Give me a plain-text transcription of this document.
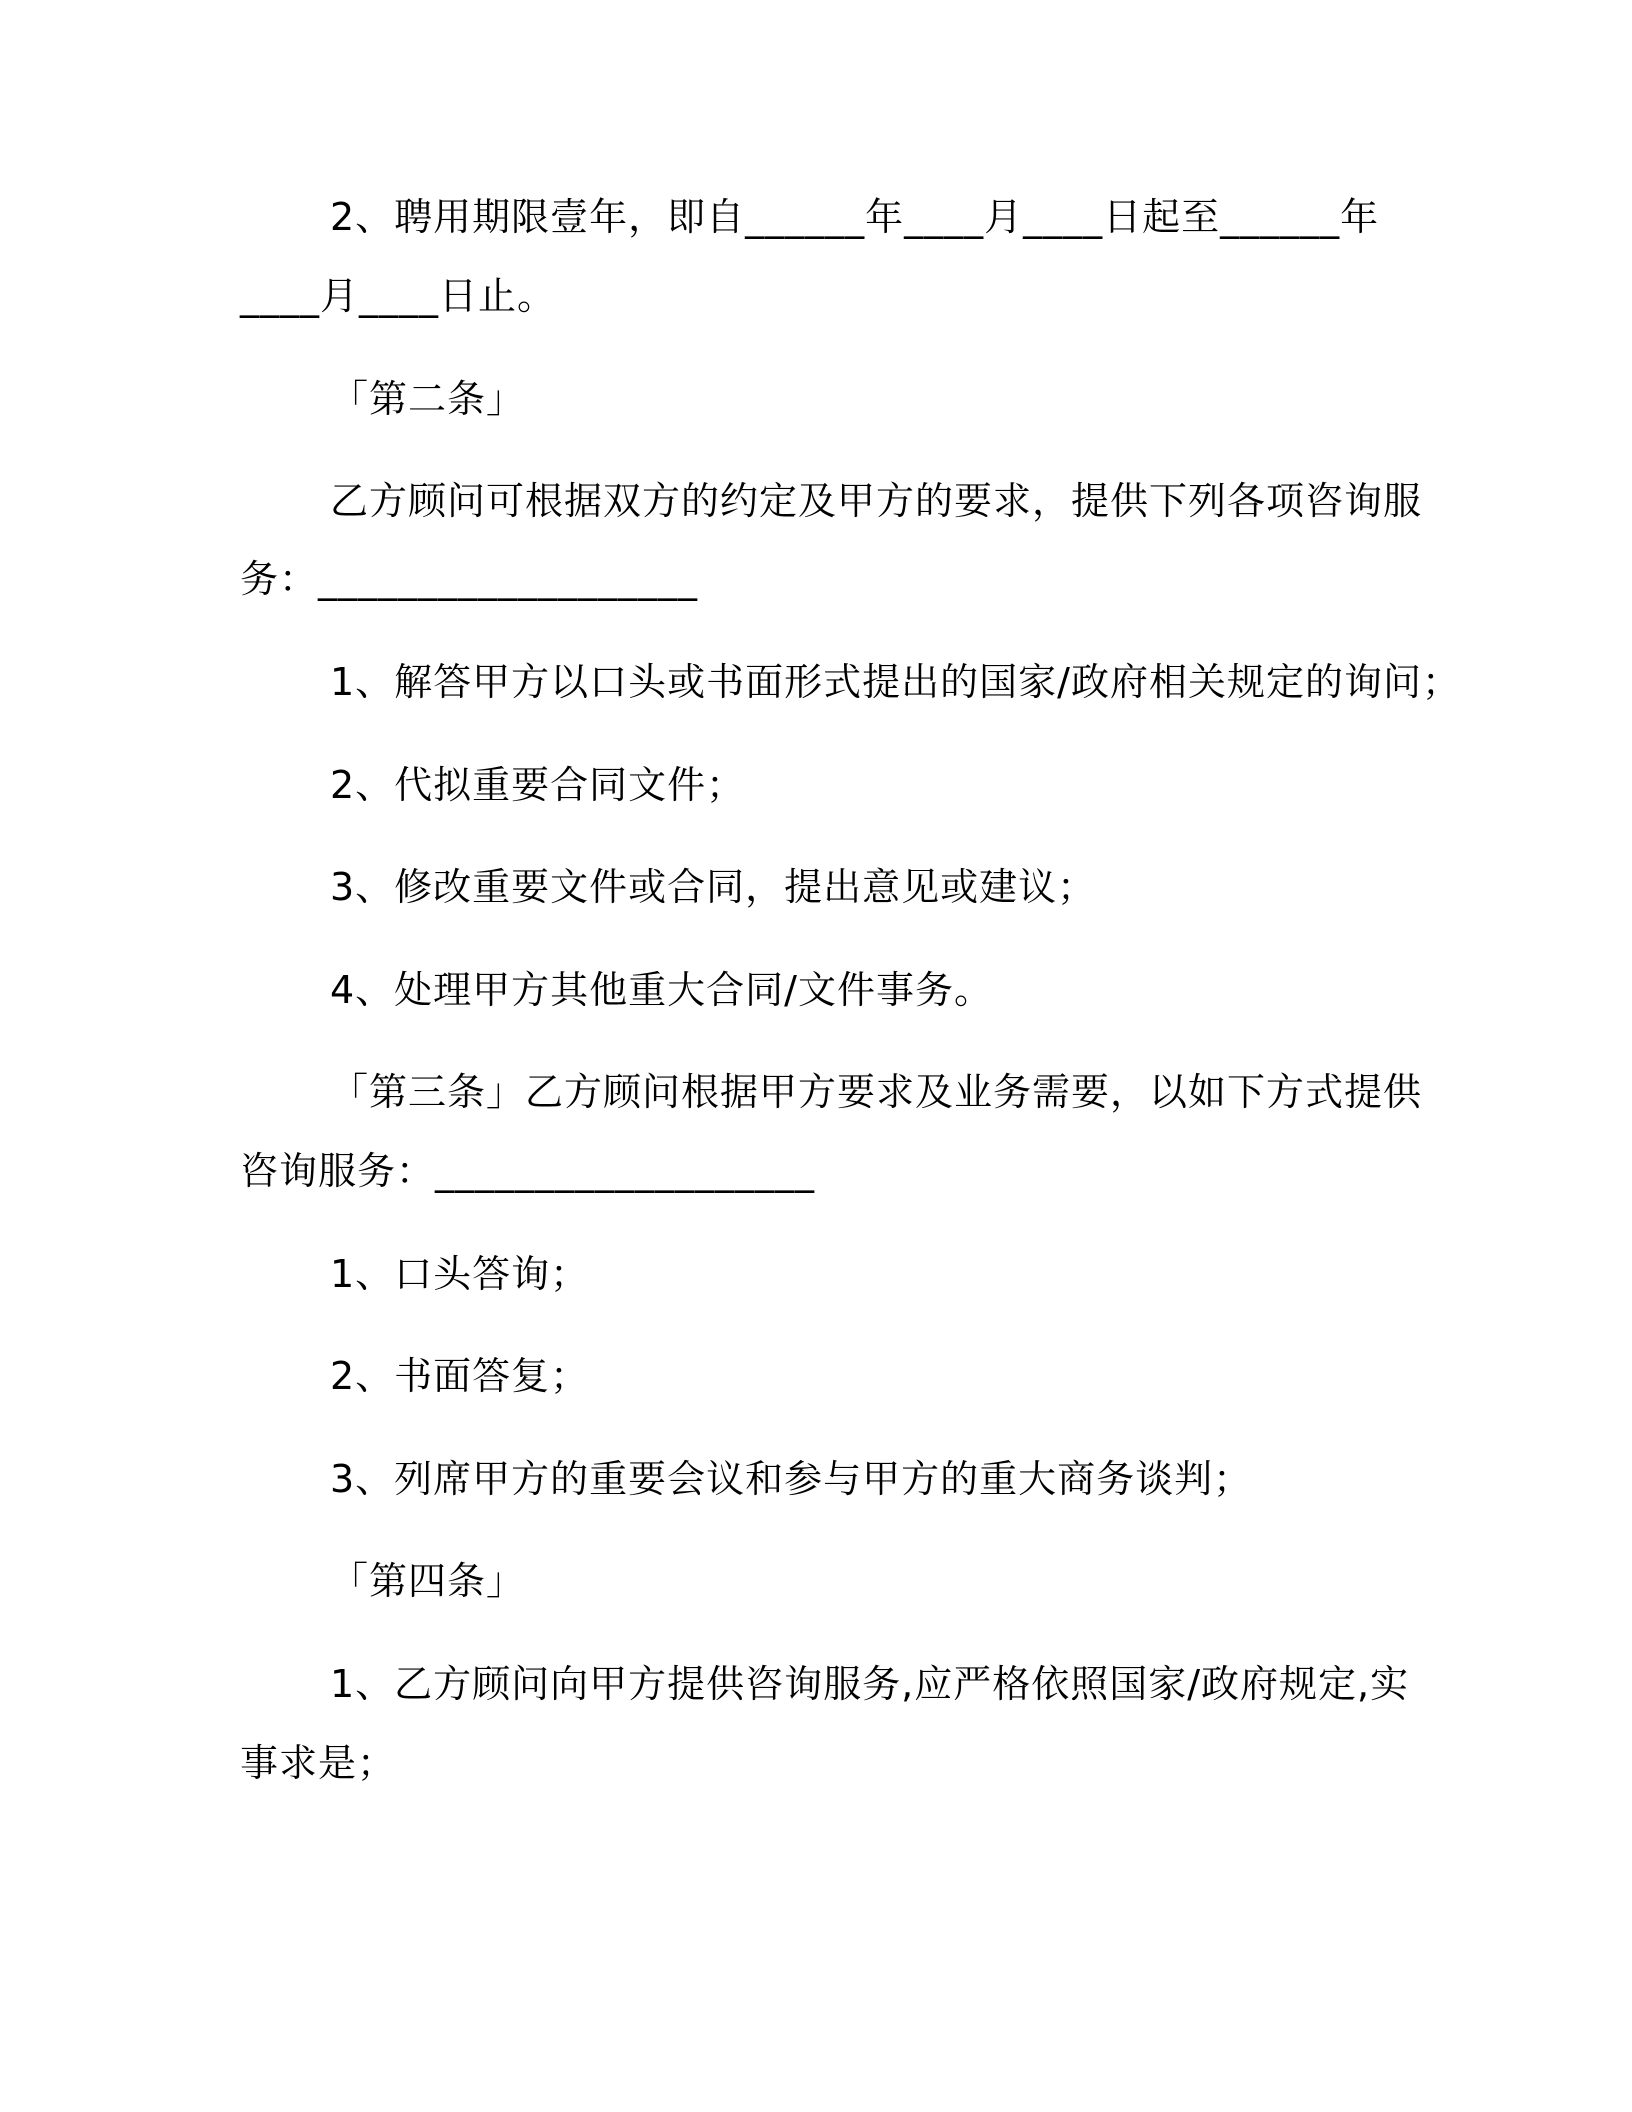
2、聘用期限壹年，即自______年____月____日起至______年
____月____日止。
「第二条」
乙方顾问可根据双方的约定及甲方的要求，提供下列各项咨询服
务：___________________
1、解答甲方以口头或书面形式提出的国家/政府相关规定的询问；
2、代拟重要合同文件；
3、修改重要文件或合同，提出意见或建议；
4、处理甲方其他重大合同/文件事务。
「第三条」乙方顾问根据甲方要求及业务需要，以如下方式提供
咨询服务：___________________
1、口头答询；
2、书面答复；
3、列席甲方的重要会议和参与甲方的重大商务谈判；
「第四条」
1、乙方顾问向甲方提供咨询服务,应严格依照国家/政府规定,实
事求是；
